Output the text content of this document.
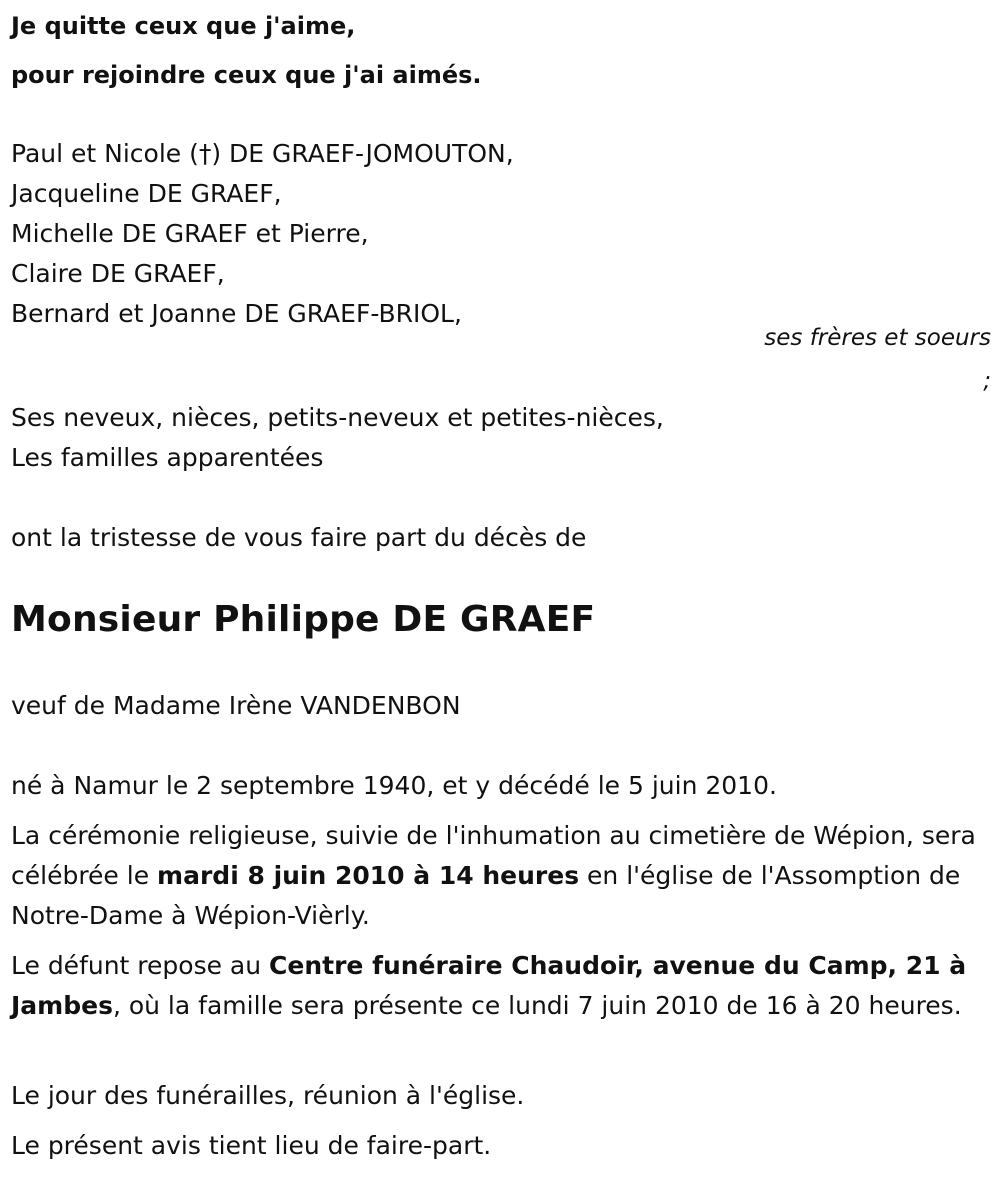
Je quitte ceux que j'aime,
pour rejoindre ceux que j'ai aimés.
Paul et Nicole (†) DE GRAEF-JOMOUTON,
Jacqueline DE GRAEF,
Michelle DE GRAEF et Pierre,
Claire DE GRAEF,
Bernard et Joanne DE GRAEF-BRIOL,
ses frères et soeurs
;
Ses neveux, nièces, petits-neveux et petites-nièces,
Les familles apparentées
ont la tristesse de vous faire part du décès de
Monsieur Philippe DE GRAEF
veuf de Madame Irène VANDENBON
né à Namur le 2 septembre 1940, et y décédé le 5 juin 2010.
La cérémonie religieuse, suivie de l'inhumation au cimetière de Wépion, sera célébrée le mardi 8 juin 2010 à 14 heures en l'église de l'Assomption de Notre-Dame à Wépion-Vièrly.
Le défunt repose au Centre funéraire Chaudoir, avenue du Camp, 21 à Jambes, où la famille sera présente ce lundi 7 juin 2010 de 16 à 20 heures.
Le jour des funérailles, réunion à l'église.
Le présent avis tient lieu de faire-part.
